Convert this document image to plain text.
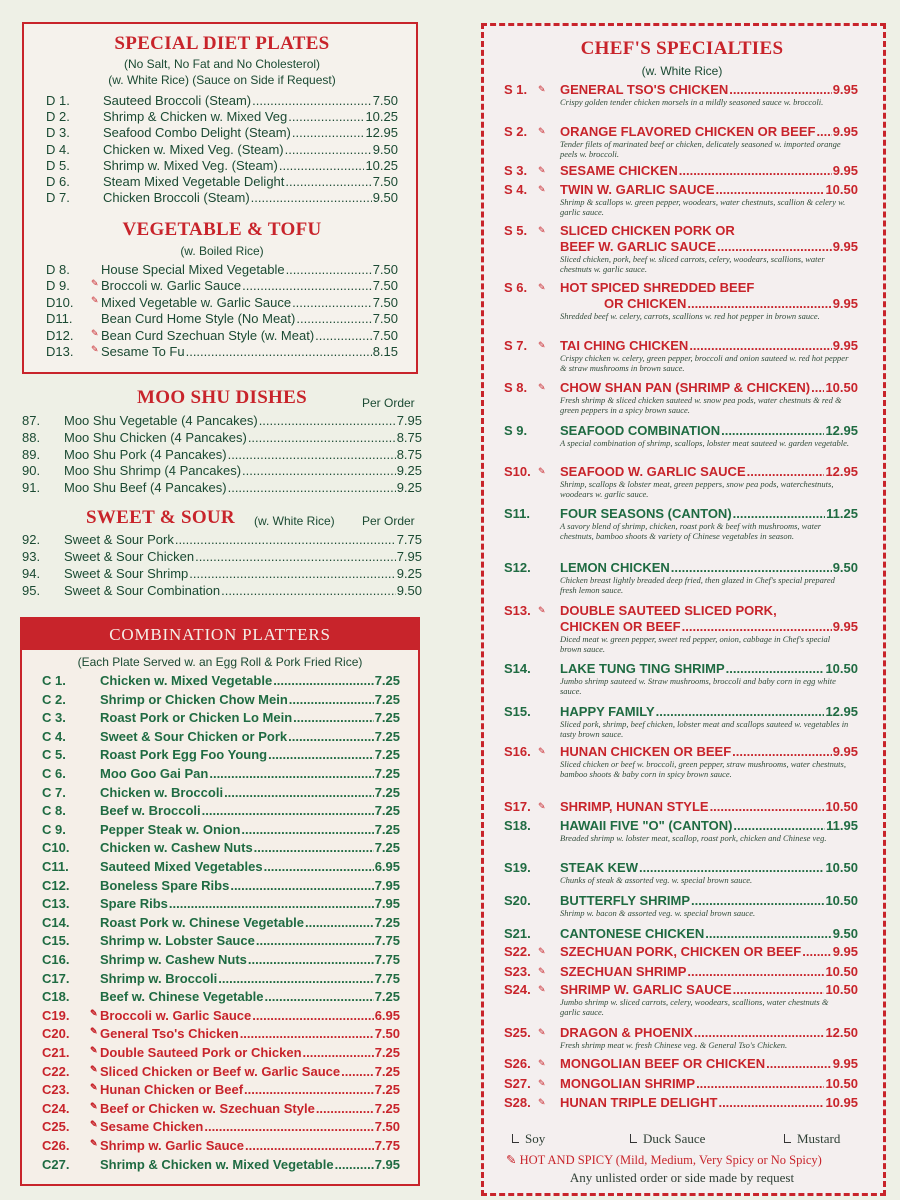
SPECIAL DIET PLATES
(No Salt, No Fat and No Cholesterol)
(w. White Rice) (Sauce on Side if Request)
D 1.	Sauteed Broccoli (Steam) .....	7.50
D 2.	Shrimp & Chicken w. Mixed Veg .....	10.25
D 3.	Seafood Combo Delight (Steam) .....	12.95
D 4.	Chicken w. Mixed Veg. (Steam) .....	9.50
D 5.	Shrimp w. Mixed Veg. (Steam) .....	10.25
D 6.	Steam Mixed Vegetable Delight .....	7.50
D 7.	Chicken Broccoli (Steam) .....	9.50
VEGETABLE & TOFU
(w. Boiled Rice)
D 8.	House Special Mixed Vegetable .....	7.50
D 9.	✎ Broccoli w. Garlic Sauce .....	7.50
D10.	✎ Mixed Vegetable w. Garlic Sauce .....	7.50
D11.	Bean Curd Home Style (No Meat) .....	7.50
D12.	✎ Bean Curd Szechuan Style (w. Meat) .....	7.50
D13.	✎ Sesame To Fu .....	8.15
MOO SHU DISHES	Per Order
87.	Moo Shu Vegetable (4 Pancakes) .....	7.95
88.	Moo Shu Chicken (4 Pancakes) .....	8.75
89.	Moo Shu Pork (4 Pancakes) .....	8.75
90.	Moo Shu Shrimp (4 Pancakes) .....	9.25
91.	Moo Shu Beef (4 Pancakes) .....	9.25
SWEET & SOUR (w. White Rice) Per Order
92.	Sweet & Sour Pork .....	7.75
93.	Sweet & Sour Chicken .....	7.95
94.	Sweet & Sour Shrimp .....	9.25
95.	Sweet & Sour Combination .....	9.50
COMBINATION PLATTERS
(Each Plate Served w. an Egg Roll & Pork Fried Rice)
C 1.	Chicken w. Mixed Vegetable .....	7.25
C 2.	Shrimp or Chicken Chow Mein .....	7.25
C 3.	Roast Pork or Chicken Lo Mein .....	7.25
C 4.	Sweet & Sour Chicken or Pork .....	7.25
C 5.	Roast Pork Egg Foo Young .....	7.25
C 6.	Moo Goo Gai Pan .....	7.25
C 7.	Chicken w. Broccoli .....	7.25
C 8.	Beef w. Broccoli .....	7.25
C 9.	Pepper Steak w. Onion .....	7.25
C10.	Chicken w. Cashew Nuts .....	7.25
C11.	Sauteed Mixed Vegetables .....	6.95
C12.	Boneless Spare Ribs .....	7.95
C13.	Spare Ribs .....	7.95
C14.	Roast Pork w. Chinese Vegetable .....	7.25
C15.	Shrimp w. Lobster Sauce .....	7.75
C16.	Shrimp w. Cashew Nuts .....	7.75
C17.	Shrimp w. Broccoli .....	7.75
C18.	Beef w. Chinese Vegetable .....	7.25
C19.	✎ Broccoli w. Garlic Sauce .....	6.95
C20.	✎ General Tso's Chicken .....	7.50
C21.	✎ Double Sauteed Pork or Chicken .....	7.25
C22.	✎ Sliced Chicken or Beef w. Garlic Sauce .....	7.25
C23.	✎ Hunan Chicken or Beef .....	7.25
C24.	✎ Beef or Chicken w. Szechuan Style .....	7.25
C25.	✎ Sesame Chicken .....	7.50
C26.	✎ Shrimp w. Garlic Sauce .....	7.75
C27.	Shrimp & Chicken w. Mixed Vegetable .....	7.95
CHEF'S SPECIALTIES
(w. White Rice)
S 1. ✎ GENERAL TSO'S CHICKEN .....	9.95
Crispy golden tender chicken morsels in a mildly seasoned sauce w. broccoli.
S 2. ✎ ORANGE FLAVORED CHICKEN OR BEEF ..... 9.95
Tender filets of marinated beef or chicken, delicately seasoned w. imported orange peels w. broccoli.
S 3. ✎ SESAME CHICKEN .....	9.95
S 4. ✎ TWIN W. GARLIC SAUCE .....	10.50
Shrimp & scallops w. green pepper, woodears, water chestnuts, scallion & celery w. garlic sauce.
S 5. ✎ SLICED CHICKEN PORK OR
BEEF W. GARLIC SAUCE .....	9.95
Sliced chicken, pork, beef w. sliced carrots, celery, woodears, scallions, water chestnuts w. garlic sauce.
S 6. ✎ HOT SPICED SHREDDED BEEF
OR CHICKEN .....	9.95
Shredded beef w. celery, carrots, scallions w. red hot pepper in brown sauce.
S 7. ✎ TAI CHING CHICKEN .....	9.95
Crispy chicken w. celery, green pepper, broccoli and onion sauteed w. red hot pepper & straw mushrooms in brown sauce.
S 8. ✎ CHOW SHAN PAN (SHRIMP & CHICKEN) ..... 10.50
Fresh shrimp & sliced chicken sauteed w. snow pea pods, water chestnuts & red & green peppers in a spicy brown sauce.
S 9.	SEAFOOD COMBINATION .....	12.95
A special combination of shrimp, scallops, lobster meat sauteed w. garden vegetable.
S10. ✎ SEAFOOD W. GARLIC SAUCE .....	12.95
Shrimp, scallops & lobster meat, green peppers, snow pea pods, waterchestnuts, woodears w. garlic sauce.
S11. FOUR SEASONS (CANTON) .....	11.25
A savory blend of shrimp, chicken, roast pork & beef with mushrooms, water chestnuts, bamboo shoots & variety of Chinese vegetables in season.
S12. LEMON CHICKEN .....	9.50
Chicken breast lightly breaded deep fried, then glazed in Chef's special prepared fresh lemon sauce.
S13. ✎ DOUBLE SAUTEED SLICED PORK,
CHICKEN OR BEEF .....	9.95
Diced meat w. green pepper, sweet red pepper, onion, cabbage in Chef's special brown sauce.
S14. LAKE TUNG TING SHRIMP .....	10.50
Jumbo shrimp sauteed w. Straw mushrooms, broccoli and baby corn in egg white sauce.
S15. HAPPY FAMILY .....	12.95
Sliced pork, shrimp, beef chicken, lobster meat and scallops sauteed w. vegetables in tasty brown sauce.
S16. ✎ HUNAN CHICKEN OR BEEF .....	9.95
Sliced chicken or beef w. broccoli, green pepper, straw mushrooms, water chestnuts, bamboo shoots & baby corn in spicy brown sauce.
S17. ✎ SHRIMP, HUNAN STYLE .....	10.50
S18. HAWAII FIVE "O" (CANTON) .....	11.95
Breaded shrimp w. lobster meat, scallop, roast pork, chicken and Chinese veg.
S19. STEAK KEW .....	10.50
Chunks of steak & assorted veg. w. special brown sauce.
S20. BUTTERFLY SHRIMP .....	10.50
Shrimp w. bacon & assorted veg. w. special brown sauce.
S21. CANTONESE CHICKEN .....	9.50
S22. ✎ SZECHUAN PORK, CHICKEN OR BEEF ..... 9.95
S23. ✎ SZECHUAN SHRIMP .....	10.50
S24. ✎ SHRIMP W. GARLIC SAUCE .....	10.50
Jumbo shrimp w. sliced carrots, celery, woodears, scallions, water chestnuts & garlic sauce.
S25. ✎ DRAGON & PHOENIX .....	12.50
Fresh shrimp meat w. fresh Chinese veg. & General Tso's Chicken.
S26. ✎ MONGOLIAN BEEF OR CHICKEN .....	9.95
S27. ✎ MONGOLIAN SHRIMP .....	10.50
S28. ✎ HUNAN TRIPLE DELIGHT .....	10.95
Soy	Duck Sauce	Mustard
✎ HOT AND SPICY (Mild, Medium, Very Spicy or No Spicy)
Any unlisted order or side made by request
